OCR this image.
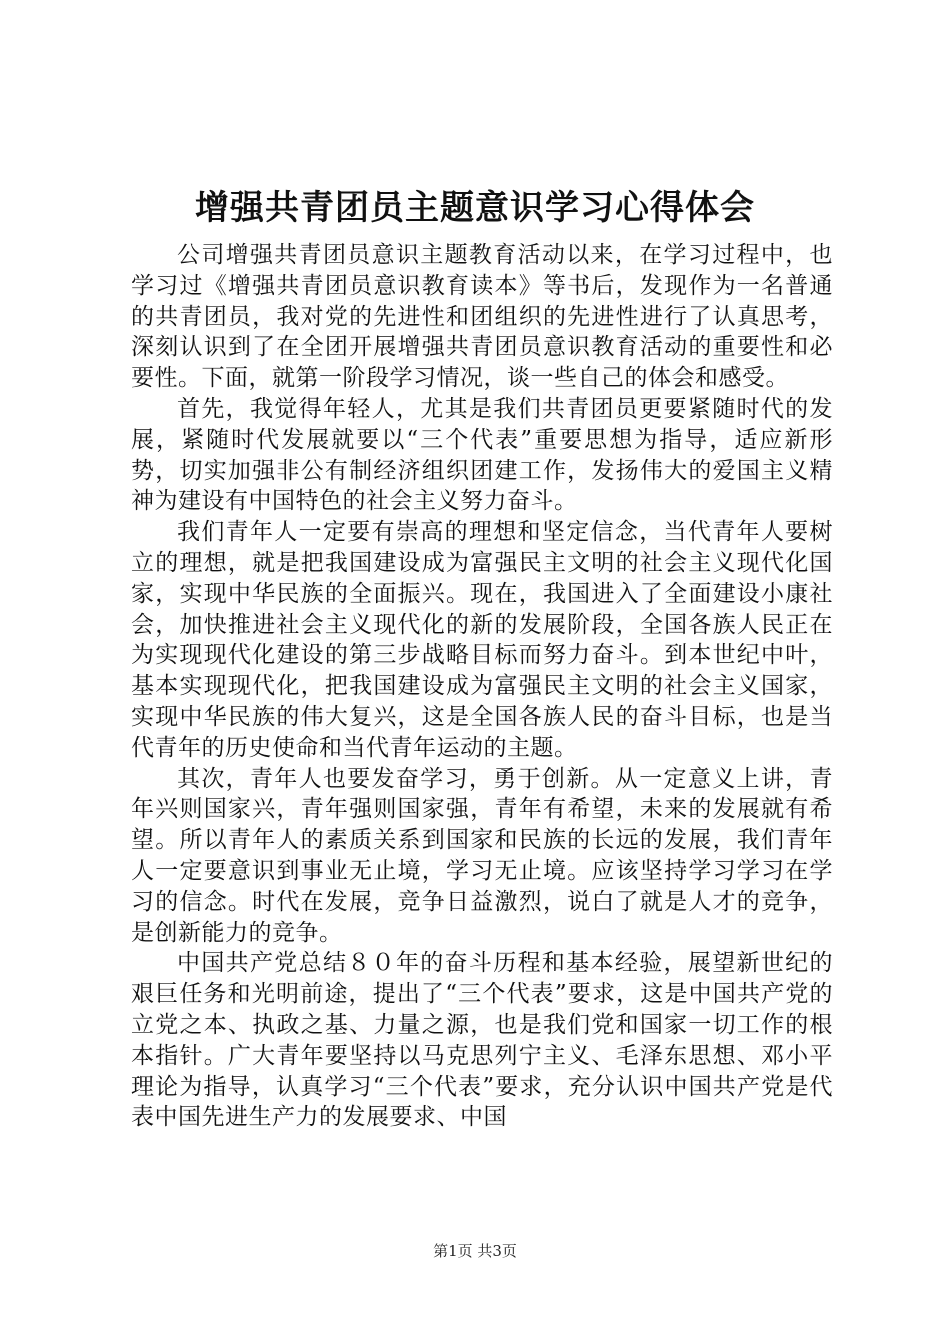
增强共青团员主题意识学习心得体会

公司增强共青团员意识主题教育活动以来，在学习过程中，也学习过《增强共青团员意识教育读本》等书后，发现作为一名普通的共青团员，我对党的先进性和团组织的先进性进行了认真思考，深刻认识到了在全团开展增强共青团员意识教育活动的重要性和必要性。下面，就第一阶段学习情况，谈一些自己的体会和感受。

首先，我觉得年轻人，尤其是我们共青团员更要紧随时代的发展，紧随时代发展就要以“三个代表”重要思想为指导，适应新形势，切实加强非公有制经济组织团建工作，发扬伟大的爱国主义精神为建设有中国特色的社会主义努力奋斗。

我们青年人一定要有崇高的理想和坚定信念，当代青年人要树立的理想，就是把我国建设成为富强民主文明的社会主义现代化国家，实现中华民族的全面振兴。现在，我国进入了全面建设小康社会，加快推进社会主义现代化的新的发展阶段，全国各族人民正在为实现现代化建设的第三步战略目标而努力奋斗。到本世纪中叶，基本实现现代化，把我国建设成为富强民主文明的社会主义国家，实现中华民族的伟大复兴，这是全国各族人民的奋斗目标，也是当代青年的历史使命和当代青年运动的主题。

其次，青年人也要发奋学习，勇于创新。从一定意义上讲，青年兴则国家兴，青年强则国家强，青年有希望，未来的发展就有希望。所以青年人的素质关系到国家和民族的长远的发展，我们青年人一定要意识到事业无止境，学习无止境。应该坚持学习学习在学习的信念。时代在发展，竞争日益激烈，说白了就是人才的竞争，是创新能力的竞争。

中国共产党总结８０年的奋斗历程和基本经验，展望新世纪的艰巨任务和光明前途，提出了“三个代表”要求，这是中国共产党的立党之本、执政之基、力量之源，也是我们党和国家一切工作的根本指针。广大青年要坚持以马克思列宁主义、毛泽东思想、邓小平理论为指导，认真学习“三个代表”要求，充分认识中国共产党是代表中国先进生产力的发展要求、中国

第1页 共3页
